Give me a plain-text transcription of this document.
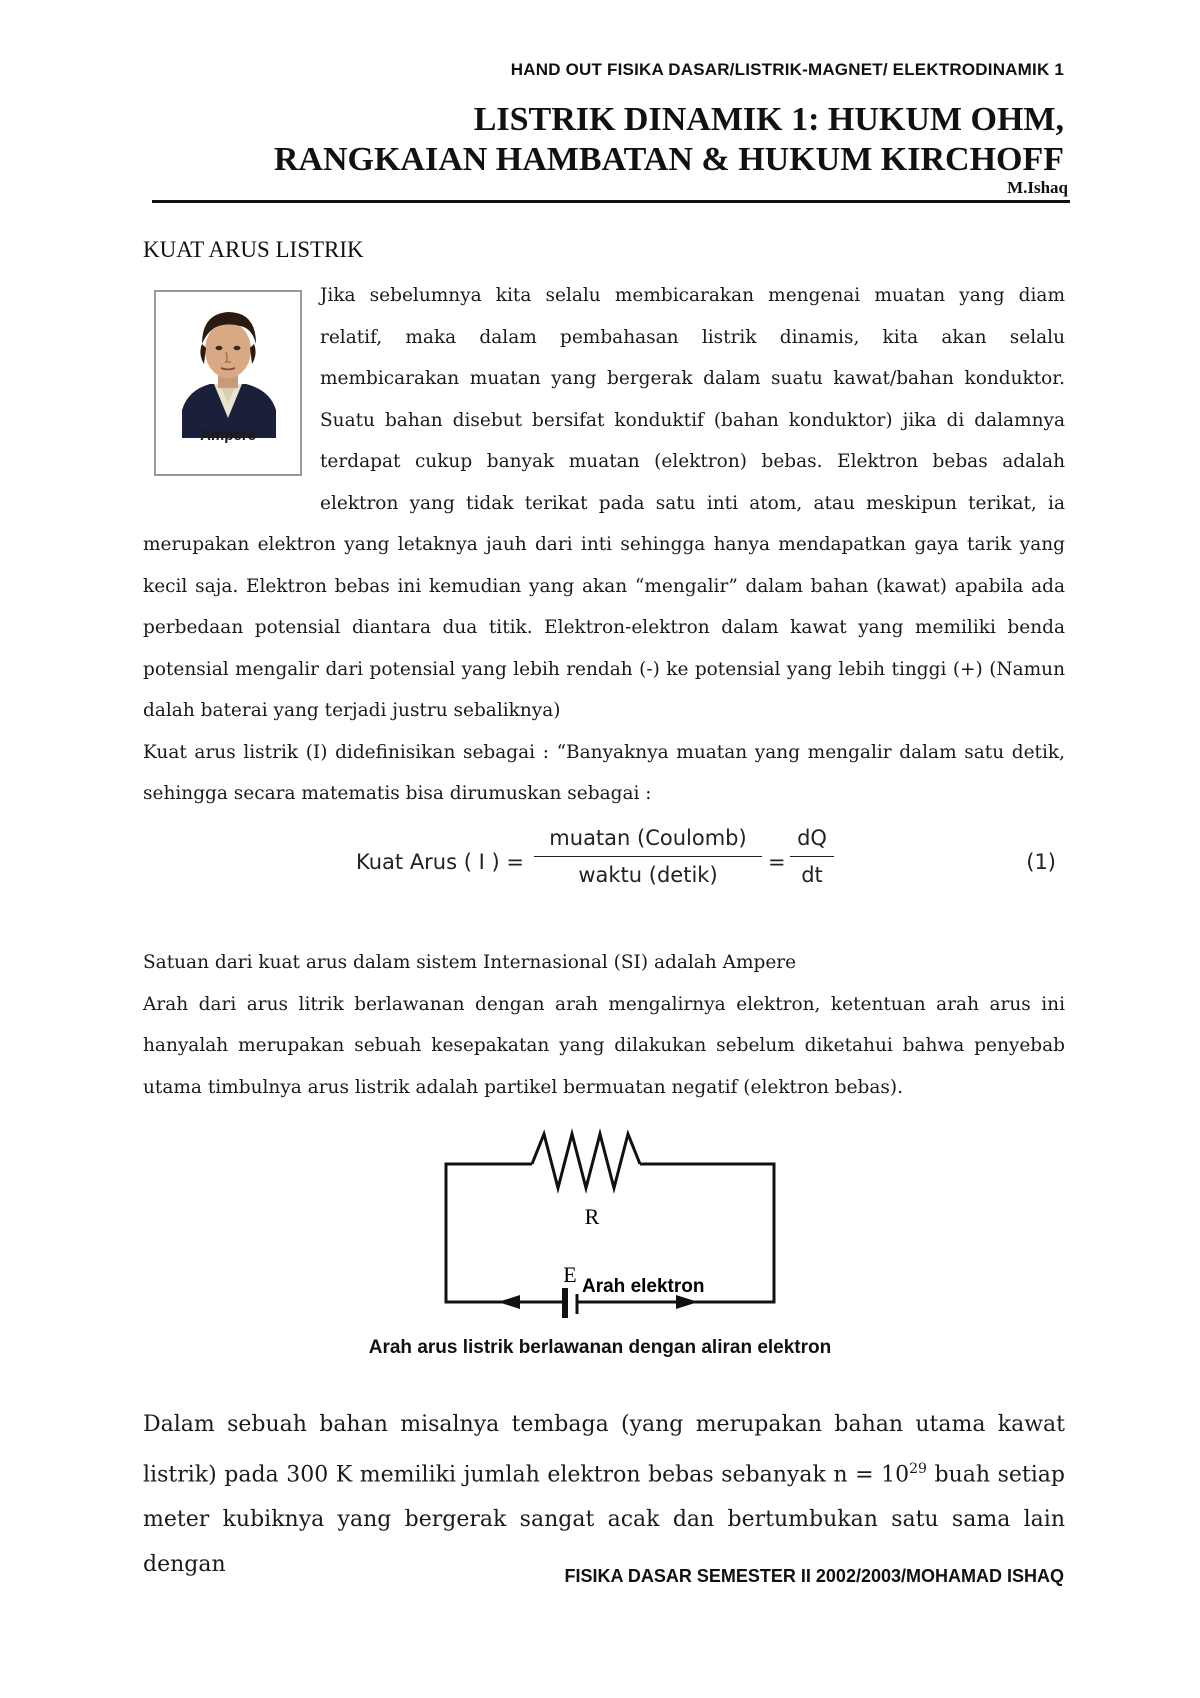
HAND OUT FISIKA DASAR/LISTRIK-MAGNET/ ELEKTRODINAMIK 1
LISTRIK DINAMIK 1: HUKUM OHM,
RANGKAIAN HAMBATAN & HUKUM KIRCHOFF
M.Ishaq
KUAT ARUS LISTRIK
Ampere

Jika sebelumnya kita selalu membicarakan mengenai muatan yang diam relatif, maka dalam pembahasan listrik dinamis, kita akan selalu membicarakan muatan yang bergerak dalam suatu kawat/bahan konduktor. Suatu bahan disebut bersifat konduktif (bahan konduktor) jika di dalamnya terdapat cukup banyak muatan (elektron) bebas. Elektron bebas adalah elektron yang tidak terikat pada satu inti atom, atau meskipun terikat, ia merupakan elektron yang letaknya jauh dari inti sehingga hanya mendapatkan gaya tarik yang kecil saja. Elektron bebas ini kemudian yang akan “mengalir” dalam bahan (kawat) apabila ada perbedaan potensial diantara dua titik. Elektron-elektron dalam kawat yang memiliki benda potensial mengalir dari potensial yang lebih rendah (-) ke potensial yang lebih tinggi (+) (Namun dalah baterai yang terjadi justru sebaliknya)

Kuat arus listrik (I) didefinisikan sebagai : “Banyaknya muatan yang mengalir dalam satu detik, sehingga secara matematis bisa dirumuskan sebagai :

Kuat Arus ( I ) =
muatan (Coulomb)
waktu (detik)
= $\frac{dQ}{dt}$	(1)

Satuan dari kuat arus dalam sistem Internasional (SI) adalah Ampere

Arah dari arus litrik berlawanan dengan arah mengalirnya elektron, ketentuan arah arus ini hanyalah merupakan sebuah kesepakatan yang dilakukan sebelum diketahui bahwa penyebab utama timbulnya arus listrik adalah partikel bermuatan negatif (elektron bebas).

R
E Arah elektron
Arah arus listrik berlawanan dengan aliran elektron
Dalam sebuah bahan misalnya tembaga (yang merupakan bahan utama kawat listrik) pada 300 K memiliki jumlah elektron bebas sebanyak $n = 10^{29}$ buah setiap meter kubiknya yang bergerak sangat acak dan bertumbukan satu sama lain dengan	FISIKA DASAR SEMESTER II 2002/2003/MOHAMAD ISHAQ
